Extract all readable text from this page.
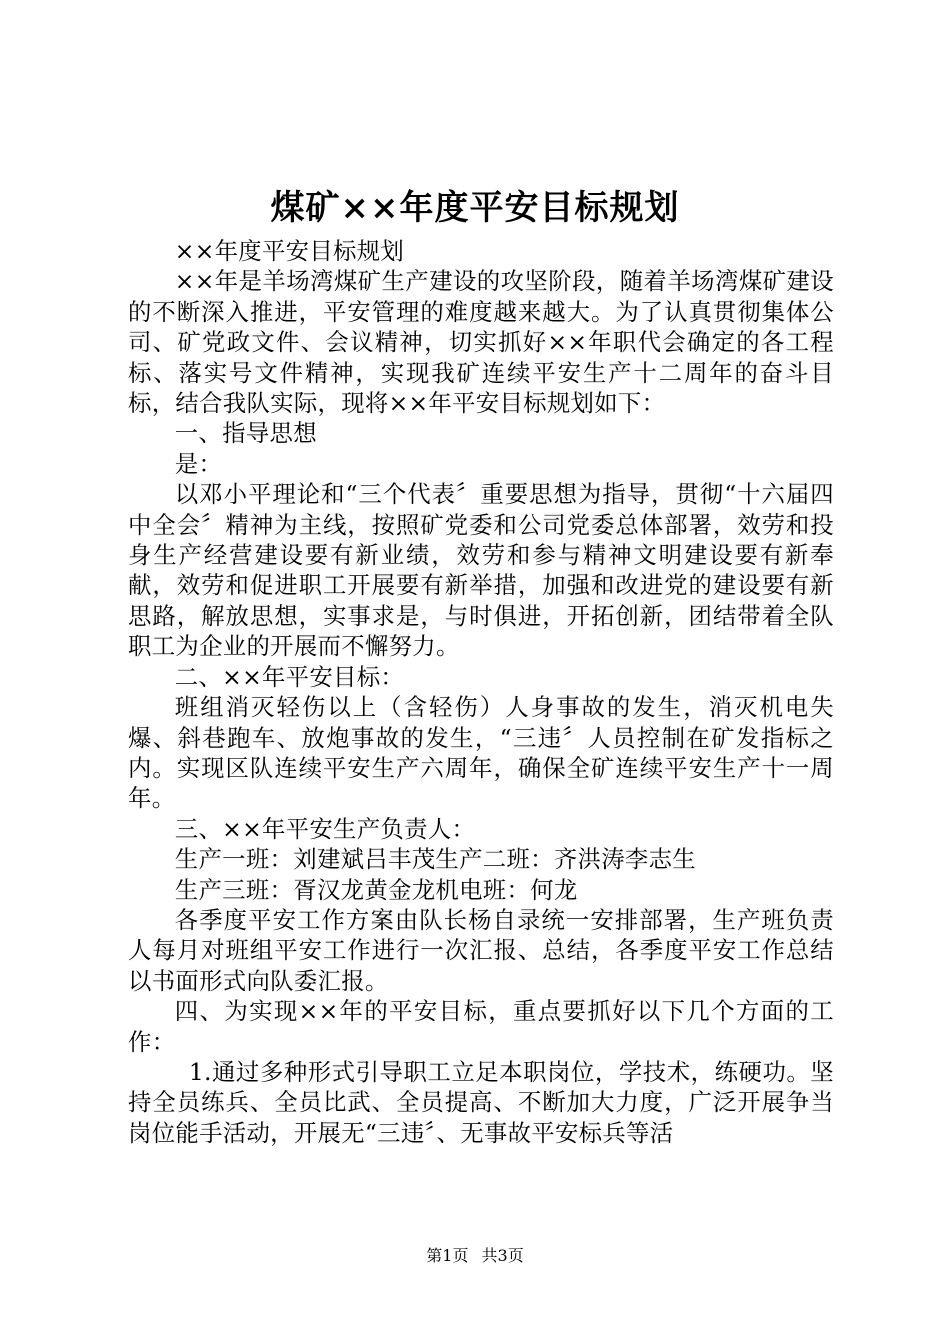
煤矿××年度平安目标规划

××年度平安目标规划

××年是羊场湾煤矿生产建设的攻坚阶段，随着羊场湾煤矿建设的不断深入推进，平安管理的难度越来越大。为了认真贯彻集体公司、矿党政文件、会议精神，切实抓好××年职代会确定的各工程标、落实号文件精神，实现我矿连续平安生产十二周年的奋斗目标，结合我队实际，现将××年平安目标规划如下：

一、指导思想

是：

以邓小平理论和“三个代表〞重要思想为指导，贯彻“十六届四中全会〞精神为主线，按照矿党委和公司党委总体部署，效劳和投身生产经营建设要有新业绩，效劳和参与精神文明建设要有新奉献，效劳和促进职工开展要有新举措，加强和改进党的建设要有新思路，解放思想，实事求是，与时俱进，开拓创新，团结带着全队职工为企业的开展而不懈努力。

二、××年平安目标：

班组消灭轻伤以上（含轻伤）人身事故的发生，消灭机电失爆、斜巷跑车、放炮事故的发生，“三违〞人员控制在矿发指标之内。实现区队连续平安生产六周年，确保全矿连续平安生产十一周年。

三、××年平安生产负责人：

生产一班：刘建斌吕丰茂生产二班：齐洪涛李志生

生产三班：胥汉龙黄金龙机电班：何龙

各季度平安工作方案由队长杨自录统一安排部署，生产班负责人每月对班组平安工作进行一次汇报、总结，各季度平安工作总结以书面形式向队委汇报。

四、为实现××年的平安目标，重点要抓好以下几个方面的工作：

1.通过多种形式引导职工立足本职岗位，学技术，练硬功。坚持全员练兵、全员比武、全员提高、不断加大力度，广泛开展争当岗位能手活动，开展无“三违〞、无事故平安标兵等活

第1页 共3页
